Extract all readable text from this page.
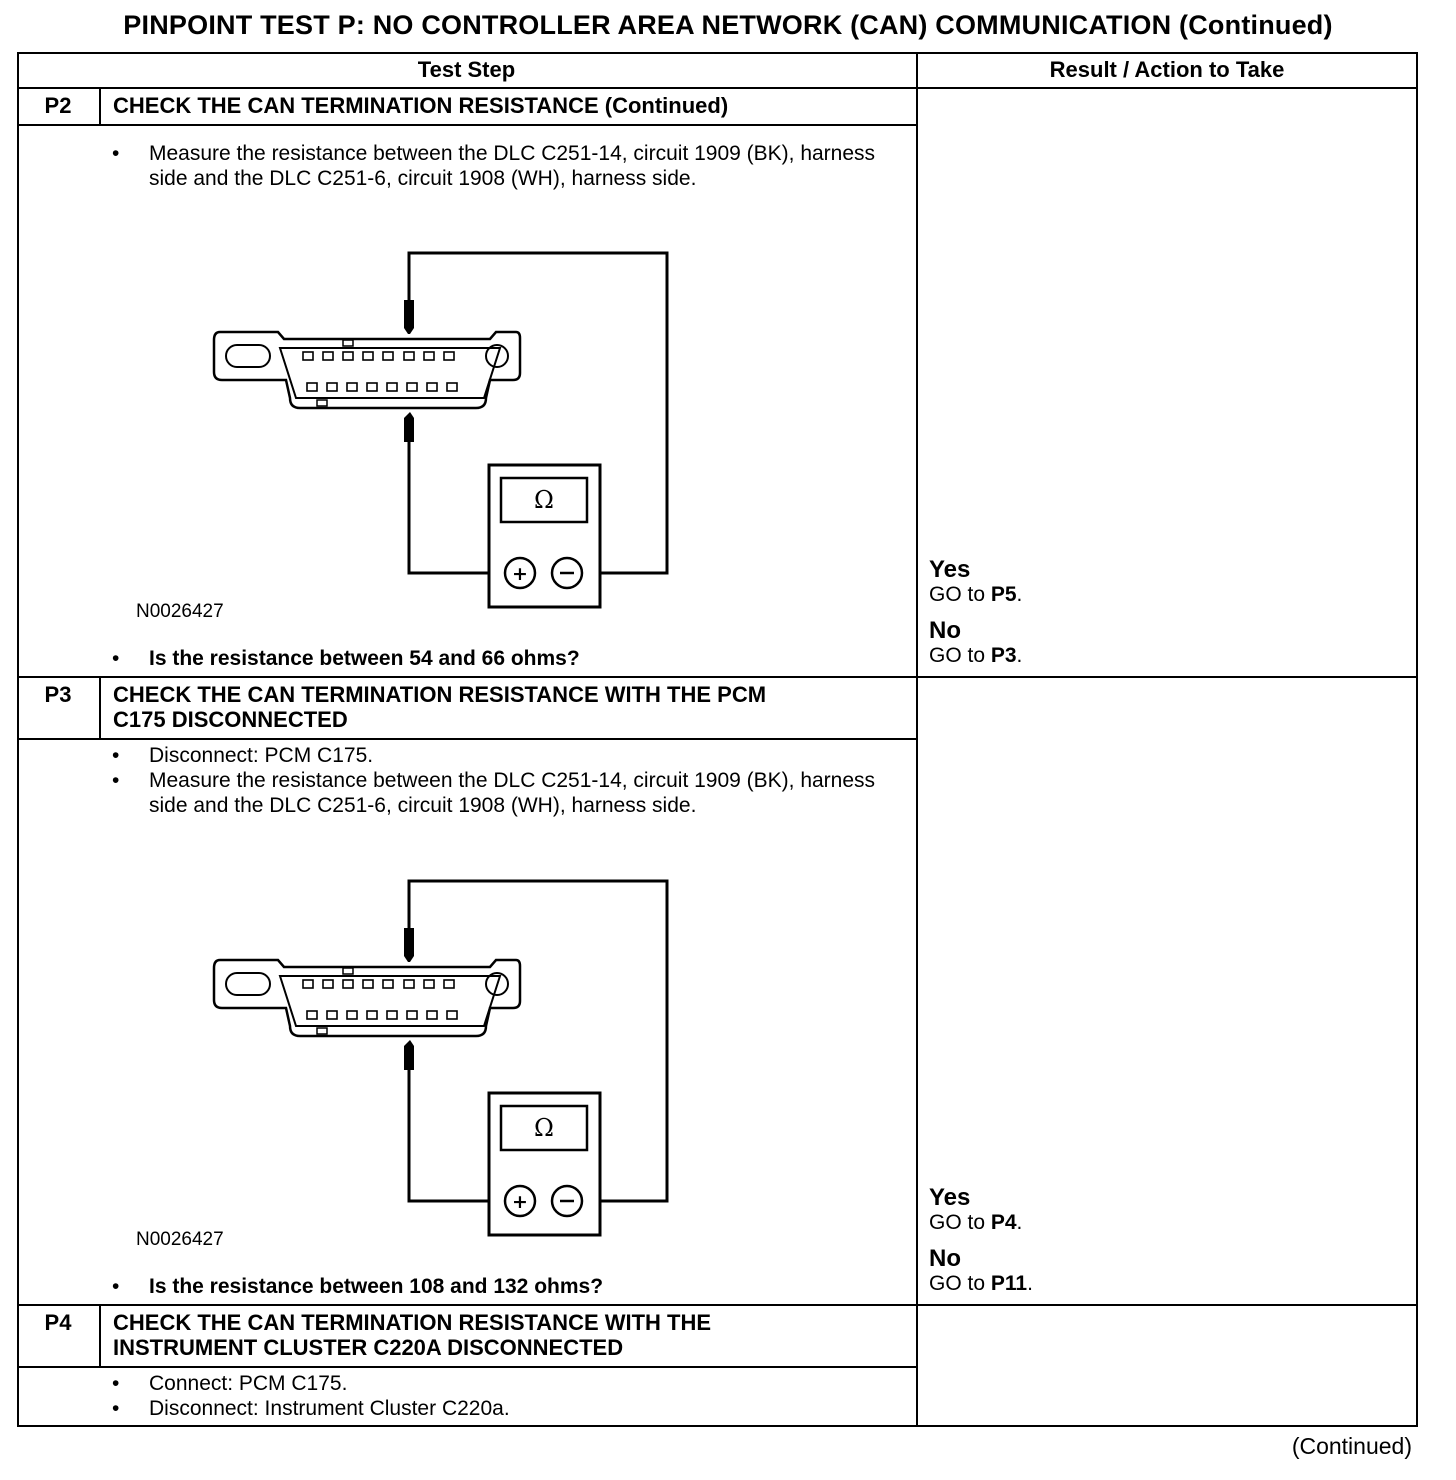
PINPOINT TEST P: NO CONTROLLER AREA NETWORK (CAN) COMMUNICATION (Continued)
Test Step	Result / Action to Take
P2	CHECK THE CAN TERMINATION RESISTANCE (Continued)
• Measure the resistance between the DLC C251-14, circuit 1909 (BK), harness side and the DLC C251-6, circuit 1908 (WH), harness side.
Ω
+
N0026427
• Is the resistance between 54 and 66 ohms?
Yes
GO to P5.
No
GO to P3.
P3	CHECK THE CAN TERMINATION RESISTANCE WITH THE PCM
C175 DISCONNECTED
• Disconnect: PCM C175.
• Measure the resistance between the DLC C251-14, circuit 1909 (BK), harness side and the DLC C251-6, circuit 1908 (WH), harness side.
Ω
+
N0026427
• Is the resistance between 108 and 132 ohms?
Yes
GO to P4.
No
GO to P11.
P4	CHECK THE CAN TERMINATION RESISTANCE WITH THE
INSTRUMENT CLUSTER C220A DISCONNECTED
• Connect: PCM C175.
• Disconnect: Instrument Cluster C220a.
(Continued)
